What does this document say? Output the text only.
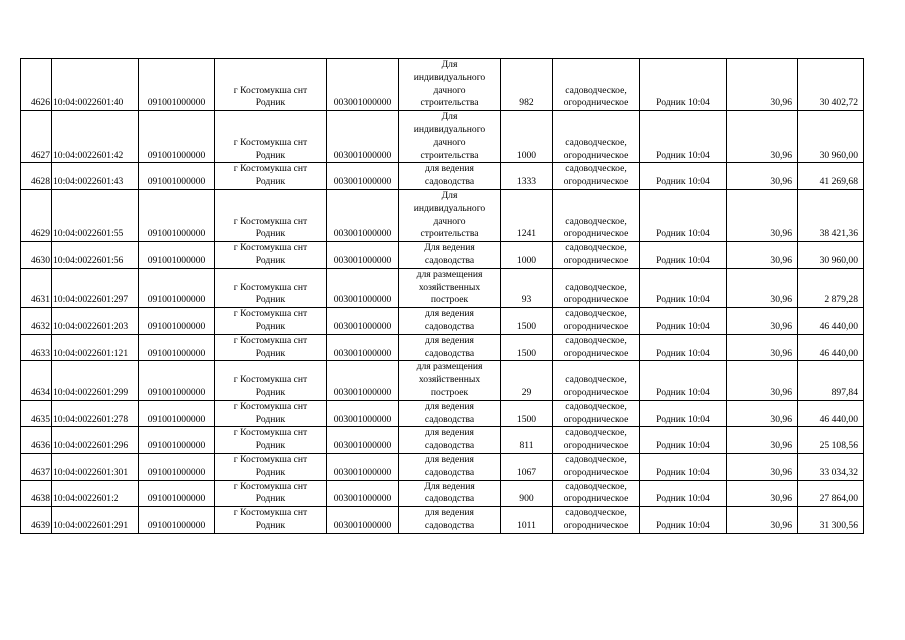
4626	10:04:0022601:40	091001000000	г Костомукша снт
Родник	003001000000	Для
индивидуального
дачного
строительства	982	садоводческое,
огородническое	Родник 10:04	30,96	30 402,72
4627	10:04:0022601:42	091001000000	г Костомукша снт
Родник	003001000000	Для
индивидуального
дачного
строительства	1000	садоводческое,
огородническое	Родник 10:04	30,96	30 960,00
4628	10:04:0022601:43	091001000000	г Костомукша снт
Родник	003001000000	для ведения
садоводства	1333	садоводческое,
огородническое	Родник 10:04	30,96	41 269,68
4629	10:04:0022601:55	091001000000	г Костомукша снт
Родник	003001000000	Для
индивидуального
дачного
строительства	1241	садоводческое,
огородническое	Родник 10:04	30,96	38 421,36
4630	10:04:0022601:56	091001000000	г Костомукша снт
Родник	003001000000	Для ведения
садоводства	1000	садоводческое,
огородническое	Родник 10:04	30,96	30 960,00
4631	10:04:0022601:297	091001000000	г Костомукша снт
Родник	003001000000	для размещения
хозяйственных
построек	93	садоводческое,
огородническое	Родник 10:04	30,96	2 879,28
4632	10:04:0022601:203	091001000000	г Костомукша снт
Родник	003001000000	для ведения
садоводства	1500	садоводческое,
огородническое	Родник 10:04	30,96	46 440,00
4633	10:04:0022601:121	091001000000	г Костомукша снт
Родник	003001000000	для ведения
садоводства	1500	садоводческое,
огородническое	Родник 10:04	30,96	46 440,00
4634	10:04:0022601:299	091001000000	г Костомукша снт
Родник	003001000000	для размещения
хозяйственных
построек	29	садоводческое,
огородническое	Родник 10:04	30,96	897,84
4635	10:04:0022601:278	091001000000	г Костомукша снт
Родник	003001000000	для ведения
садоводства	1500	садоводческое,
огородническое	Родник 10:04	30,96	46 440,00
4636	10:04:0022601:296	091001000000	г Костомукша снт
Родник	003001000000	для ведения
садоводства	811	садоводческое,
огородническое	Родник 10:04	30,96	25 108,56
4637	10:04:0022601:301	091001000000	г Костомукша снт
Родник	003001000000	для ведения
садоводства	1067	садоводческое,
огородническое	Родник 10:04	30,96	33 034,32
4638	10:04:0022601:2	091001000000	г Костомукша снт
Родник	003001000000	Для ведения
садоводства	900	садоводческое,
огородническое	Родник 10:04	30,96	27 864,00
4639	10:04:0022601:291	091001000000	г Костомукша снт
Родник	003001000000	для ведения
садоводства	1011	садоводческое,
огородническое	Родник 10:04	30,96	31 300,56
